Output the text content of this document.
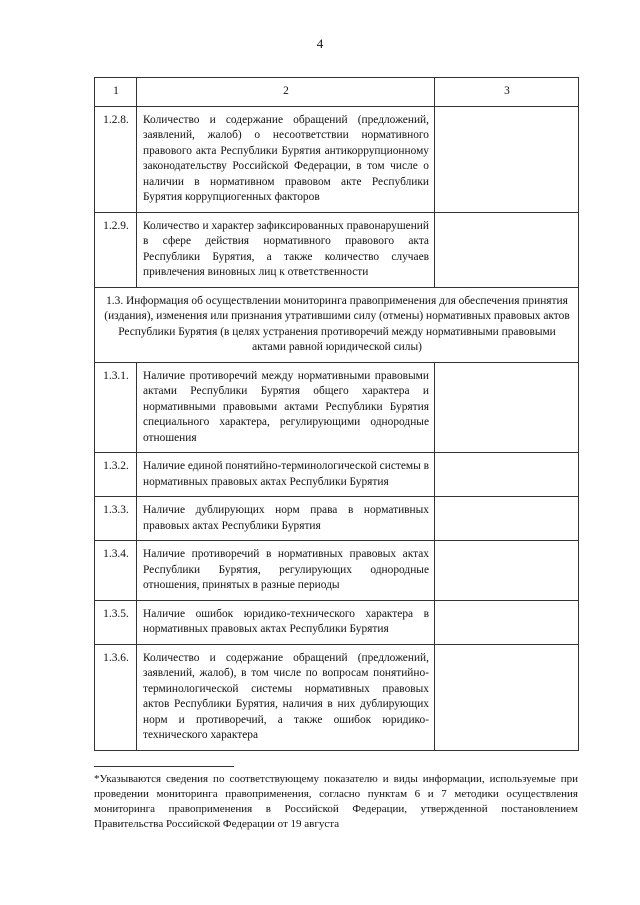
4
1	2	3
1.2.8.	Количество и содержание обращений (предложений, заявлений, жалоб) о несоответствии нормативного правового акта Республики Бурятия антикоррупционному законодательству Российской Федерации, в том числе о наличии в нормативном правовом акте Республики Бурятия коррупциогенных факторов	
1.2.9.	Количество и характер зафиксированных правонарушений в сфере действия нормативного правового акта Республики Бурятия, а также количество случаев привлечения виновных лиц к ответственности	
1.3. Информация об осуществлении мониторинга правоприменения для обеспечения принятия (издания), изменения или признания утратившими силу (отмены) нормативных правовых актов Республики Бурятия (в целях устранения противоречий между нормативными правовыми актами равной юридической силы)		
1.3.1.	Наличие противоречий между нормативными правовыми актами Республики Бурятия общего характера и нормативными правовыми актами Республики Бурятия специального характера, регулирующими однородные отношения	
1.3.2.	Наличие единой понятийно-терминологической системы в нормативных правовых актах Республики Бурятия	
1.3.3.	Наличие дублирующих норм права в нормативных правовых актах Республики Бурятия	
1.3.4.	Наличие противоречий в нормативных правовых актах Республики Бурятия, регулирующих однородные отношения, принятых в разные периоды	
1.3.5.	Наличие ошибок юридико-технического характера в нормативных правовых актах Республики Бурятия	
1.3.6.	Количество и содержание обращений (предложений, заявлений, жалоб), в том числе по вопросам понятийно-терминологической системы нормативных правовых актов Республики Бурятия, наличия в них дублирующих норм и противоречий, а также ошибок юридико-технического характера	
*Указываются сведения по соответствующему показателю и виды информации, используемые при проведении мониторинга правоприменения, согласно пунктам 6 и 7 методики осуществления мониторинга правоприменения в Российской Федерации, утвержденной постановлением Правительства Российской Федерации от 19 августа
